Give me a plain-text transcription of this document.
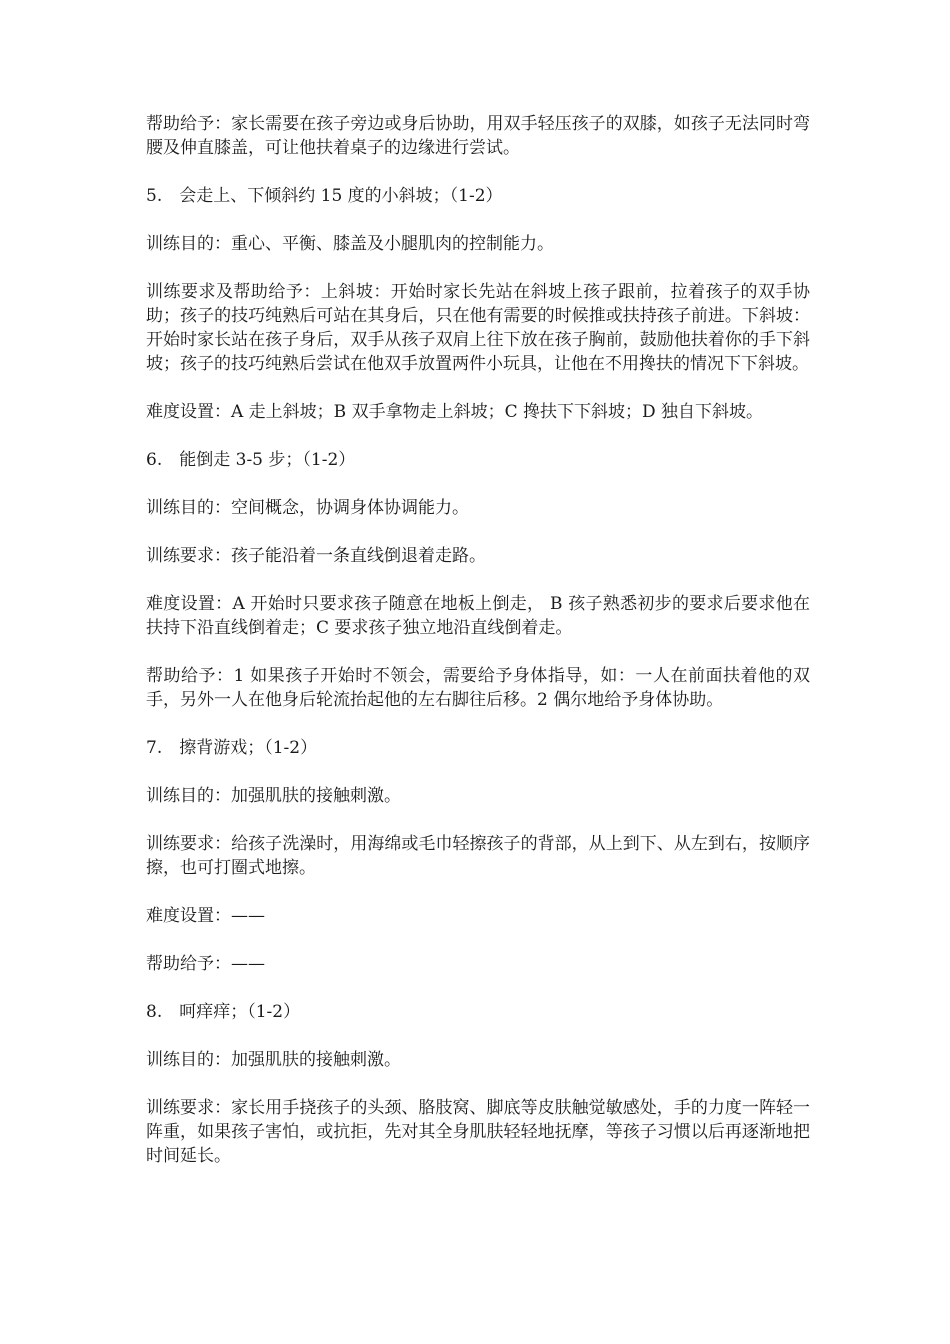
帮助给予：家长需要在孩子旁边或身后协助，用双手轻压孩子的双膝，如孩子无法同时弯腰及伸直膝盖，可让他扶着桌子的边缘进行尝试。

5.　会走上、下倾斜约 15 度的小斜坡；（1-2）

训练目的：重心、平衡、膝盖及小腿肌肉的控制能力。

训练要求及帮助给予：上斜坡：开始时家长先站在斜坡上孩子跟前，拉着孩子的双手协助；孩子的技巧纯熟后可站在其身后，只在他有需要的时候推或扶持孩子前进。下斜坡：开始时家长站在孩子身后，双手从孩子双肩上往下放在孩子胸前，鼓励他扶着你的手下斜坡；孩子的技巧纯熟后尝试在他双手放置两件小玩具，让他在不用搀扶的情况下下斜坡。

难度设置：A 走上斜坡；B 双手拿物走上斜坡；C 搀扶下下斜坡；D 独自下斜坡。

6.　能倒走 3-5 步；（1-2）

训练目的：空间概念，协调身体协调能力。

训练要求：孩子能沿着一条直线倒退着走路。

难度设置：A 开始时只要求孩子随意在地板上倒走， B 孩子熟悉初步的要求后要求他在扶持下沿直线倒着走；C 要求孩子独立地沿直线倒着走。

帮助给予：1 如果孩子开始时不领会，需要给予身体指导，如：一人在前面扶着他的双手，另外一人在他身后轮流抬起他的左右脚往后移。2 偶尔地给予身体协助。

7.　擦背游戏；（1-2）

训练目的：加强肌肤的接触刺激。

训练要求：给孩子洗澡时，用海绵或毛巾轻擦孩子的背部，从上到下、从左到右，按顺序擦，也可打圈式地擦。

难度设置：——

帮助给予：——

8.　呵痒痒；（1-2）

训练目的：加强肌肤的接触刺激。

训练要求：家长用手挠孩子的头颈、胳肢窝、脚底等皮肤触觉敏感处，手的力度一阵轻一阵重，如果孩子害怕，或抗拒，先对其全身肌肤轻轻地抚摩，等孩子习惯以后再逐渐地把时间延长。
